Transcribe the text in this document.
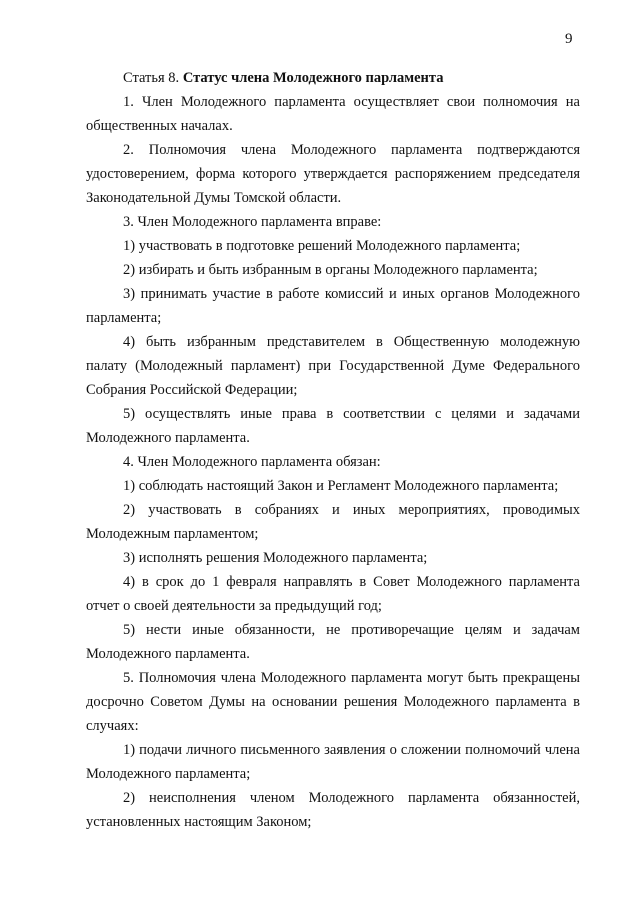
9

Статья 8. Статус члена Молодежного парламента

1. Член Молодежного парламента осуществляет свои полномочия на общественных началах.

2. Полномочия члена Молодежного парламента подтверждаются удостоверением, форма которого утверждается распоряжением председателя Законодательной Думы Томской области.

3. Член Молодежного парламента вправе:

1) участвовать в подготовке решений Молодежного парламента;

2) избирать и быть избранным в органы Молодежного парламента;

3) принимать участие в работе комиссий и иных органов Молодежного парламента;

4) быть избранным представителем в Общественную молодежную палату (Молодежный парламент) при Государственной Думе Федерального Собрания Российской Федерации;

5) осуществлять иные права в соответствии с целями и задачами Молодежного парламента.

4. Член Молодежного парламента обязан:

1) соблюдать настоящий Закон и Регламент Молодежного парламента;

2) участвовать в собраниях и иных мероприятиях, проводимых Молодежным парламентом;

3) исполнять решения Молодежного парламента;

4) в срок до 1 февраля направлять в Совет Молодежного парламента отчет о своей деятельности за предыдущий год;

5) нести иные обязанности, не противоречащие целям и задачам Молодежного парламента.

5. Полномочия члена Молодежного парламента могут быть прекращены досрочно Советом Думы на основании решения Молодежного парламента в случаях:

1) подачи личного письменного заявления о сложении полномочий члена Молодежного парламента;

2) неисполнения членом Молодежного парламента обязанностей, установленных настоящим Законом;
